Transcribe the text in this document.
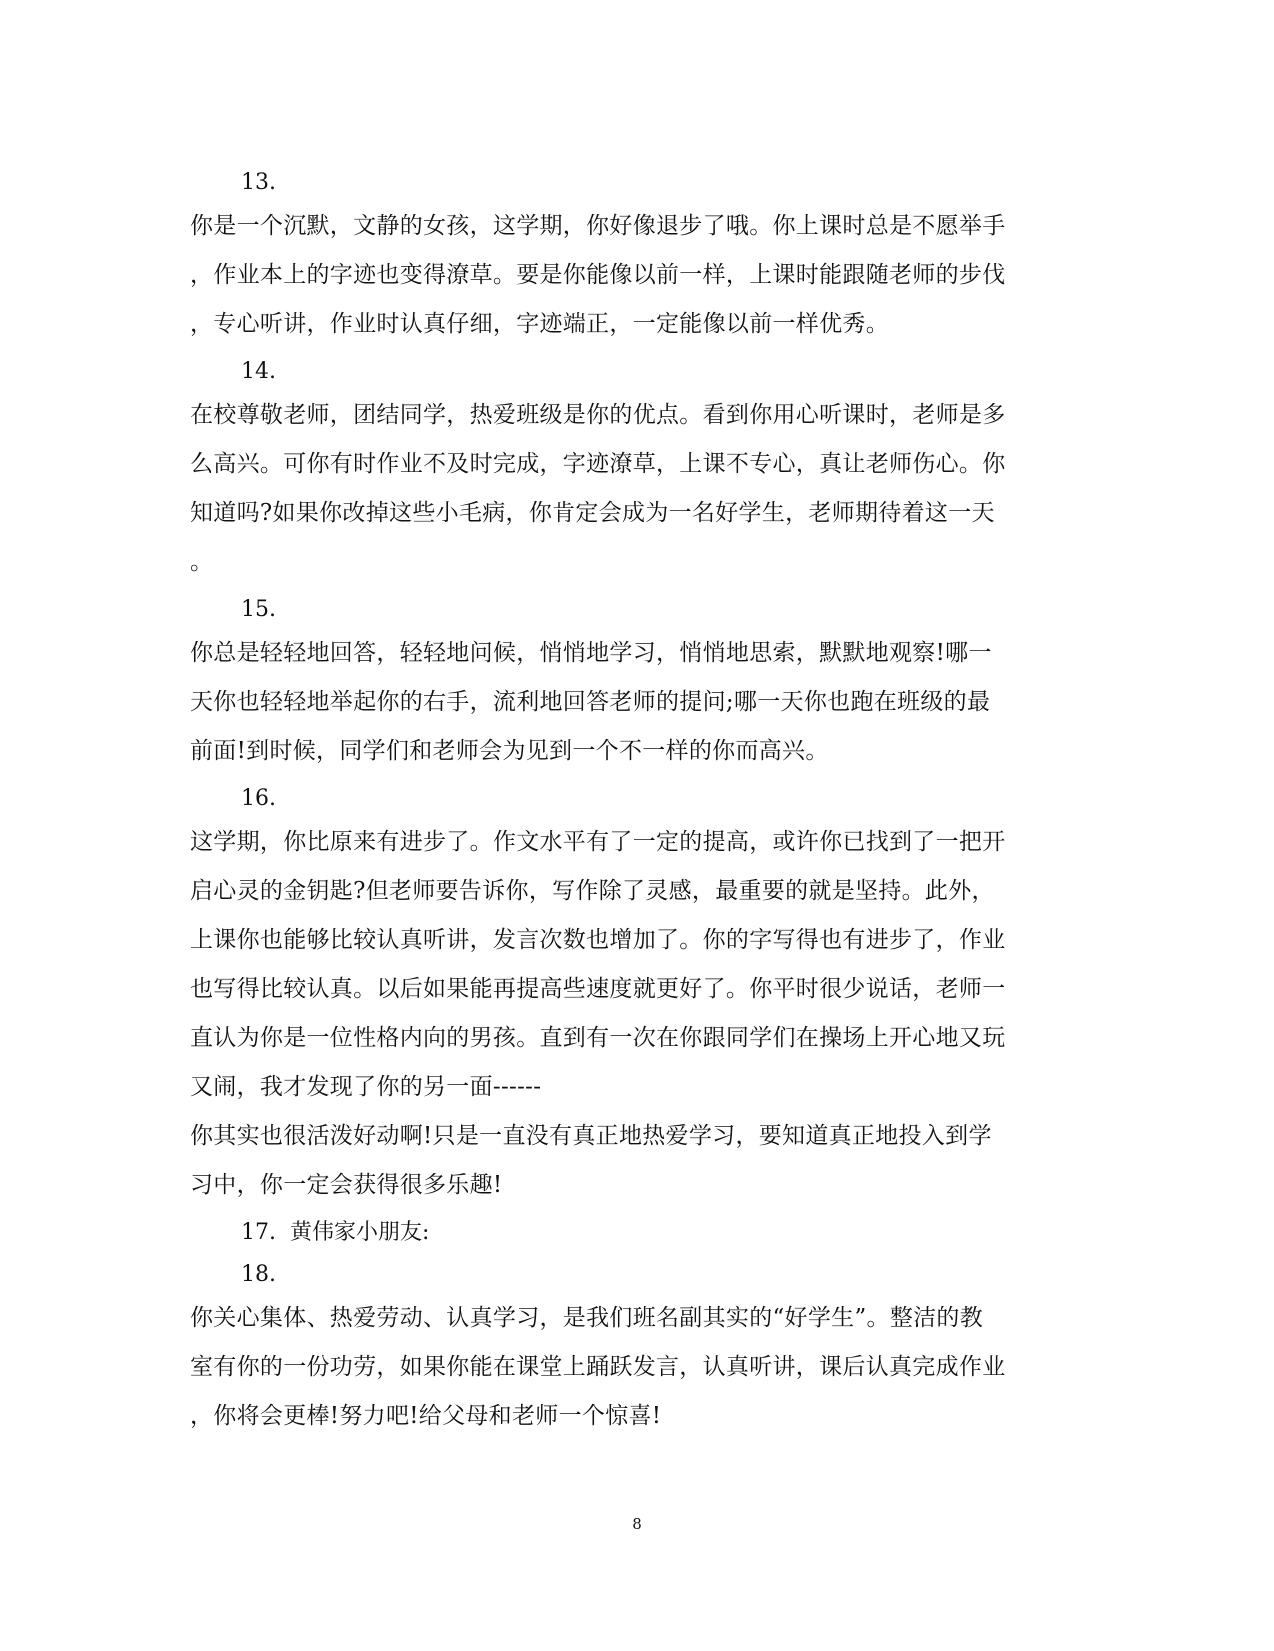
13.
你是一个沉默，文静的女孩，这学期，你好像退步了哦。你上课时总是不愿举手
，作业本上的字迹也变得潦草。要是你能像以前一样，上课时能跟随老师的步伐
，专心听讲，作业时认真仔细，字迹端正，一定能像以前一样优秀。
14.
在校尊敬老师，团结同学，热爱班级是你的优点。看到你用心听课时，老师是多
么高兴。可你有时作业不及时完成，字迹潦草，上课不专心，真让老师伤心。你
知道吗?如果你改掉这些小毛病，你肯定会成为一名好学生，老师期待着这一天
。
15.
你总是轻轻地回答，轻轻地问候，悄悄地学习，悄悄地思索，默默地观察!哪一
天你也轻轻地举起你的右手，流利地回答老师的提问;哪一天你也跑在班级的最
前面!到时候，同学们和老师会为见到一个不一样的你而高兴。
16.
这学期，你比原来有进步了。作文水平有了一定的提高，或许你已找到了一把开
启心灵的金钥匙?但老师要告诉你，写作除了灵感，最重要的就是坚持。此外，
上课你也能够比较认真听讲，发言次数也增加了。你的字写得也有进步了，作业
也写得比较认真。以后如果能再提高些速度就更好了。你平时很少说话，老师一
直认为你是一位性格内向的男孩。直到有一次在你跟同学们在操场上开心地又玩
又闹，我才发现了你的另一面------
你其实也很活泼好动啊!只是一直没有真正地热爱学习，要知道真正地投入到学
习中，你一定会获得很多乐趣!
17.  黄伟家小朋友:
18.
你关心集体、热爱劳动、认真学习，是我们班名副其实的“好学生”。整洁的教
室有你的一份功劳，如果你能在课堂上踊跃发言，认真听讲，课后认真完成作业
，你将会更棒!努力吧!给父母和老师一个惊喜!
8
